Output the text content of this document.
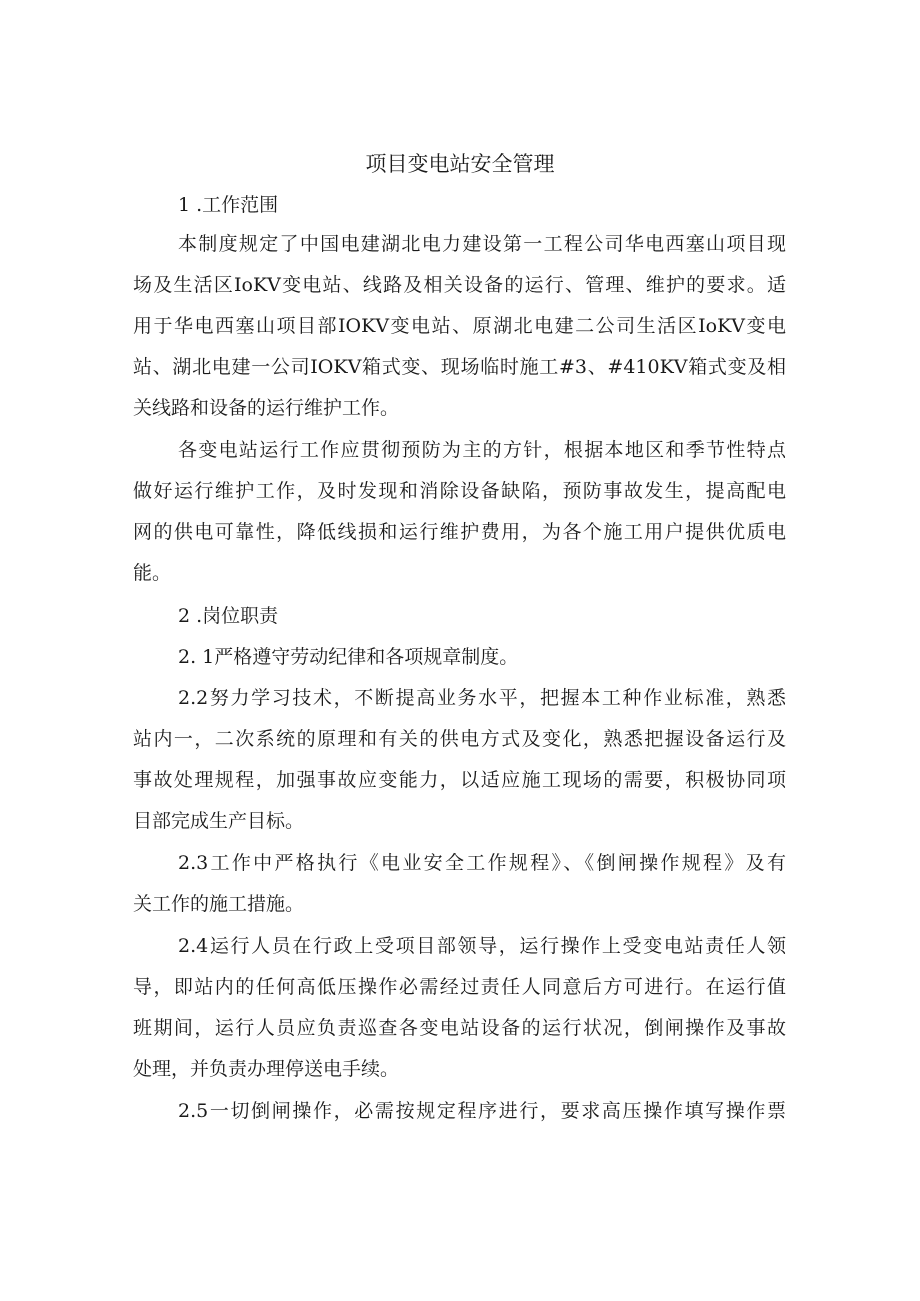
项目变电站安全管理
1 .工作范围
本制度规定了中国电建湖北电力建设第一工程公司华电西塞山项目现
场及生活区IoKV变电站、线路及相关设备的运行、管理、维护的要求。适
用于华电西塞山项目部IOKV变电站、原湖北电建二公司生活区IoKV变电
站、湖北电建一公司IOKV箱式变、现场临时施工#3、#410KV箱式变及相
关线路和设备的运行维护工作。
各变电站运行工作应贯彻预防为主的方针，根据本地区和季节性特点
做好运行维护工作，及时发现和消除设备缺陷，预防事故发生，提高配电
网的供电可靠性，降低线损和运行维护费用，为各个施工用户提供优质电
能。
2 .岗位职责
2. 1严格遵守劳动纪律和各项规章制度。
2.2努力学习技术，不断提高业务水平，把握本工种作业标准，熟悉
站内一，二次系统的原理和有关的供电方式及变化，熟悉把握设备运行及
事故处理规程，加强事故应变能力，以适应施工现场的需要，积极协同项
目部完成生产目标。
2.3工作中严格执行《电业安全工作规程》、《倒闸操作规程》及有
关工作的施工措施。
2.4运行人员在行政上受项目部领导，运行操作上受变电站责任人领
导，即站内的任何高低压操作必需经过责任人同意后方可进行。在运行值
班期间，运行人员应负责巡查各变电站设备的运行状况，倒闸操作及事故
处理，并负责办理停送电手续。
2.5一切倒闸操作，必需按规定程序进行，要求高压操作填写操作票
